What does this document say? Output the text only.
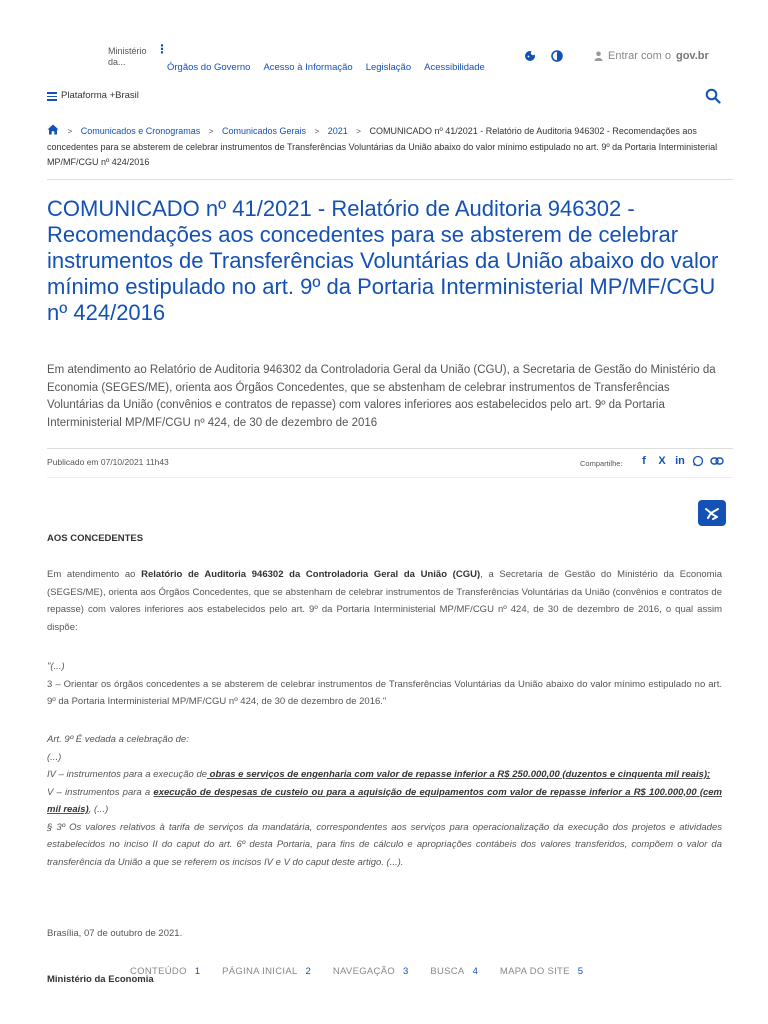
Ministério da...
⋮
Órgãos do Governo Acesso à Informação Legislação Acessibilidade
Entrar com o gov.br
Plataforma +Brasil
> Comunicados e Cronogramas > Comunicados Gerais > 2021 > COMUNICADO nº 41/2021 - Relatório de Auditoria 946302 - Recomendações aos concedentes para se absterem de celebrar instrumentos de Transferências Voluntárias da União abaixo do valor mínimo estipulado no art. 9º da Portaria Interministerial MP/MF/CGU nº 424/2016
COMUNICADO nº 41/2021 - Relatório de Auditoria 946302 - Recomendações aos concedentes para se absterem de celebrar instrumentos de Transferências Voluntárias da União abaixo do valor mínimo estipulado no art. 9º da Portaria Interministerial MP/MF/CGU nº 424/2016

Em atendimento ao Relatório de Auditoria 946302 da Controladoria Geral da União (CGU), a Secretaria de Gestão do Ministério da Economia (SEGES/ME), orienta aos Órgãos Concedentes, que se abstenham de celebrar instrumentos de Transferências Voluntárias da União (convênios e contratos de repasse) com valores inferiores aos estabelecidos pelo art. 9º da Portaria Interministerial MP/MF/CGU nº 424, de 30 de dezembro de 2016

Publicado em 07/10/2021 11h43	Compartilhe:	f	X in
AOS CONCEDENTES

Em atendimento ao Relatório de Auditoria 946302 da Controladoria Geral da União (CGU), a Secretaria de Gestão do Ministério da Economia (SEGES/ME), orienta aos Órgãos Concedentes, que se abstenham de celebrar instrumentos de Transferências Voluntárias da União (convênios e contratos de repasse) com valores inferiores aos estabelecidos pelo art. 9º da Portaria Interministerial MP/MF/CGU nº 424, de 30 de dezembro de 2016, o qual assim dispõe:

"(...)
3 – Orientar os órgãos concedentes a se absterem de celebrar instrumentos de Transferências Voluntárias da União abaixo do valor mínimo estipulado no art. 9º da Portaria Interministerial MP/MF/CGU nº 424, de 30 de dezembro de 2016."
Art. 9º É vedada a celebração de:
(...)
IV – instrumentos para a execução de obras e serviços de engenharia com valor de repasse inferior a R$ 250.000,00 (duzentos e cinquenta mil reais);
V – instrumentos para a execução de despesas de custeio ou para a aquisição de equipamentos com valor de repasse inferior a R$ 100.000,00 (cem mil reais), (...)
§ 3º Os valores relativos à tarifa de serviços da mandatária, correspondentes aos serviços para operacionalização da execução dos projetos e atividades estabelecidos no inciso II do caput do art. 6º desta Portaria, para fins de cálculo e apropriações contábeis dos valores transferidos, compõem o valor da transferência da União a que se referem os incisos IV e V do caput deste artigo. (...).
Brasília, 07 de outubro de 2021.
Ministério da Economia
CONTEÚDO 1 PÁGINA INICIAL 2 NAVEGAÇÃO 3 BUSCA 4 MAPA DO SITE 5
